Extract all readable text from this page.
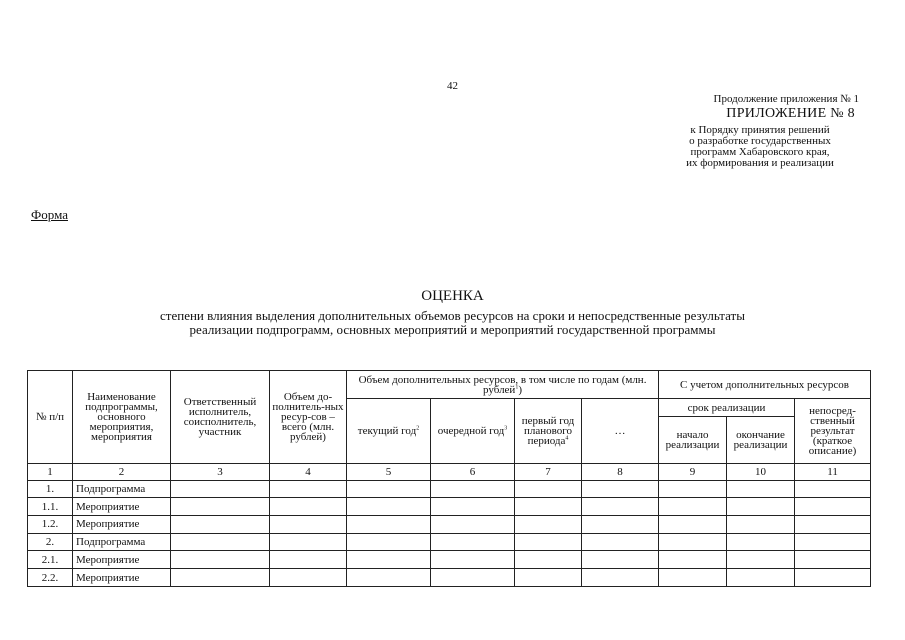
42
Продолжение приложения № 1
ПРИЛОЖЕНИЕ № 8
к Порядку принятия решений
о разработке государственных
программ Хабаровского края,
их формирования и реализации
Форма
ОЦЕНКА
степени влияния выделения дополнительных объемов ресурсов на сроки и непосредственные результаты
реализации подпрограмм, основных мероприятий и мероприятий государственной программы
№ п/п	Наименование подпрограммы, основного мероприятия, мероприятия	Ответственный исполнитель, соисполнитель, участник	Объем до-полнитель-ных ресур-сов – всего (млн. рублей)	Объем дополнительных ресурсов, в том числе по годам (млн. рублей$^1$)				С учетом дополнительных ресурсов		
				текущий год$^2$	очередной год$^3$	первый год планового периода$^4$	…	срок реализации		непосред-ственный результат (краткое описание)
								начало реализации	окончание реализации	
1	2	3	4	5	6	7	8	9	10	11
1.	Подпрограмма									
1.1.	Мероприятие									
1.2.	Мероприятие									
2.	Подпрограмма									
2.1.	Мероприятие									
2.2.	Мероприятие									
